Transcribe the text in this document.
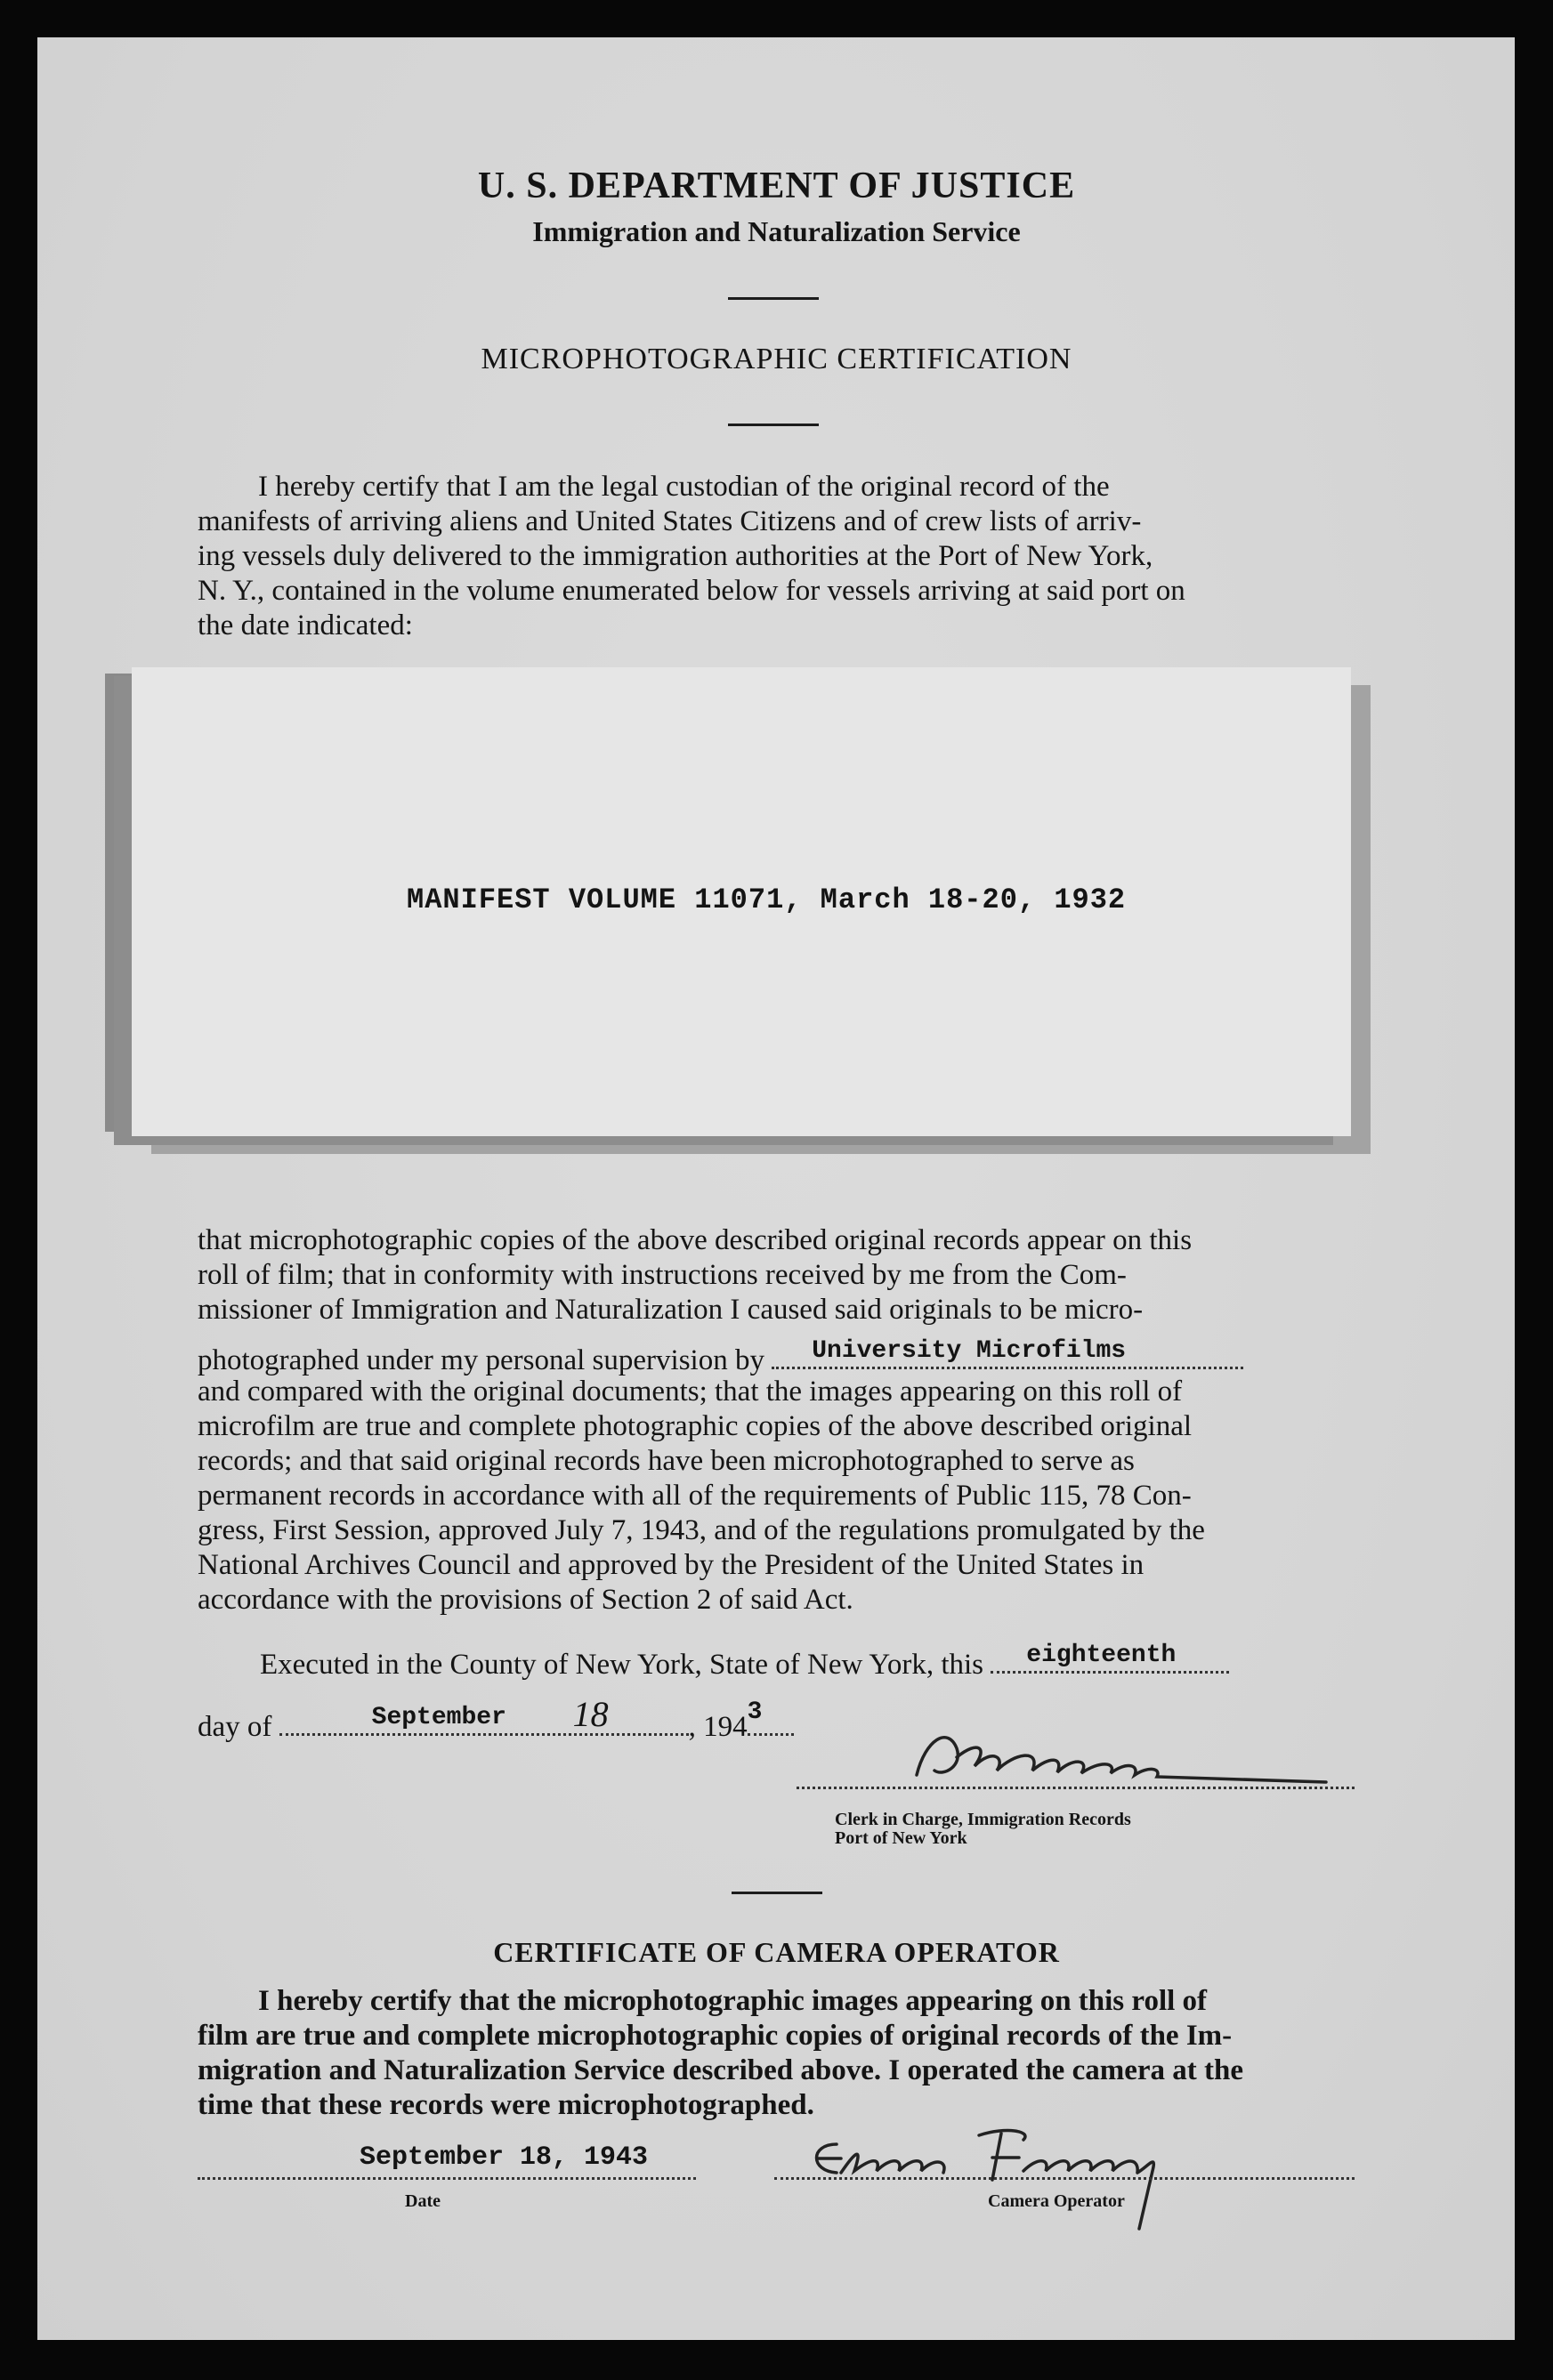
U. S. DEPARTMENT OF JUSTICE
Immigration and Naturalization Service
MICROPHOTOGRAPHIC CERTIFICATION

I hereby certify that I am the legal custodian of the original record of the

manifests of arriving aliens and United States Citizens and of crew lists of arriv-

ing vessels duly delivered to the immigration authorities at the Port of New York,

N. Y., contained in the volume enumerated below for vessels arriving at said port on

the date indicated:

MANIFEST VOLUME 11071, March 18-20, 1932

that microphotographic copies of the above described original records appear on this

roll of film; that in conformity with instructions received by me from the Com-

missioner of Immigration and Naturalization I caused said originals to be micro-

photographed under my personal supervision by University Microfilms

and compared with the original documents; that the images appearing on this roll of

microfilm are true and complete photographic copies of the above described original

records; and that said original records have been microphotographed to serve as

permanent records in accordance with all of the requirements of Public 115, 78 Con-

gress, First Session, approved July 7, 1943, and of the regulations promulgated by the

National Archives Council and approved by the President of the United States in

accordance with the provisions of Section 2 of said Act.

Executed in the County of New York, State of New York, this eighteenth
day of	September 18	, 194 3
Clerk in Charge, Immigration Records
Port of New York
CERTIFICATE OF CAMERA OPERATOR

I hereby certify that the microphotographic images appearing on this roll of

film are true and complete microphotographic copies of original records of the Im-

migration and Naturalization Service described above. I operated the camera at the

time that these records were microphotographed.

September 18, 1943
Date	Camera Operator
